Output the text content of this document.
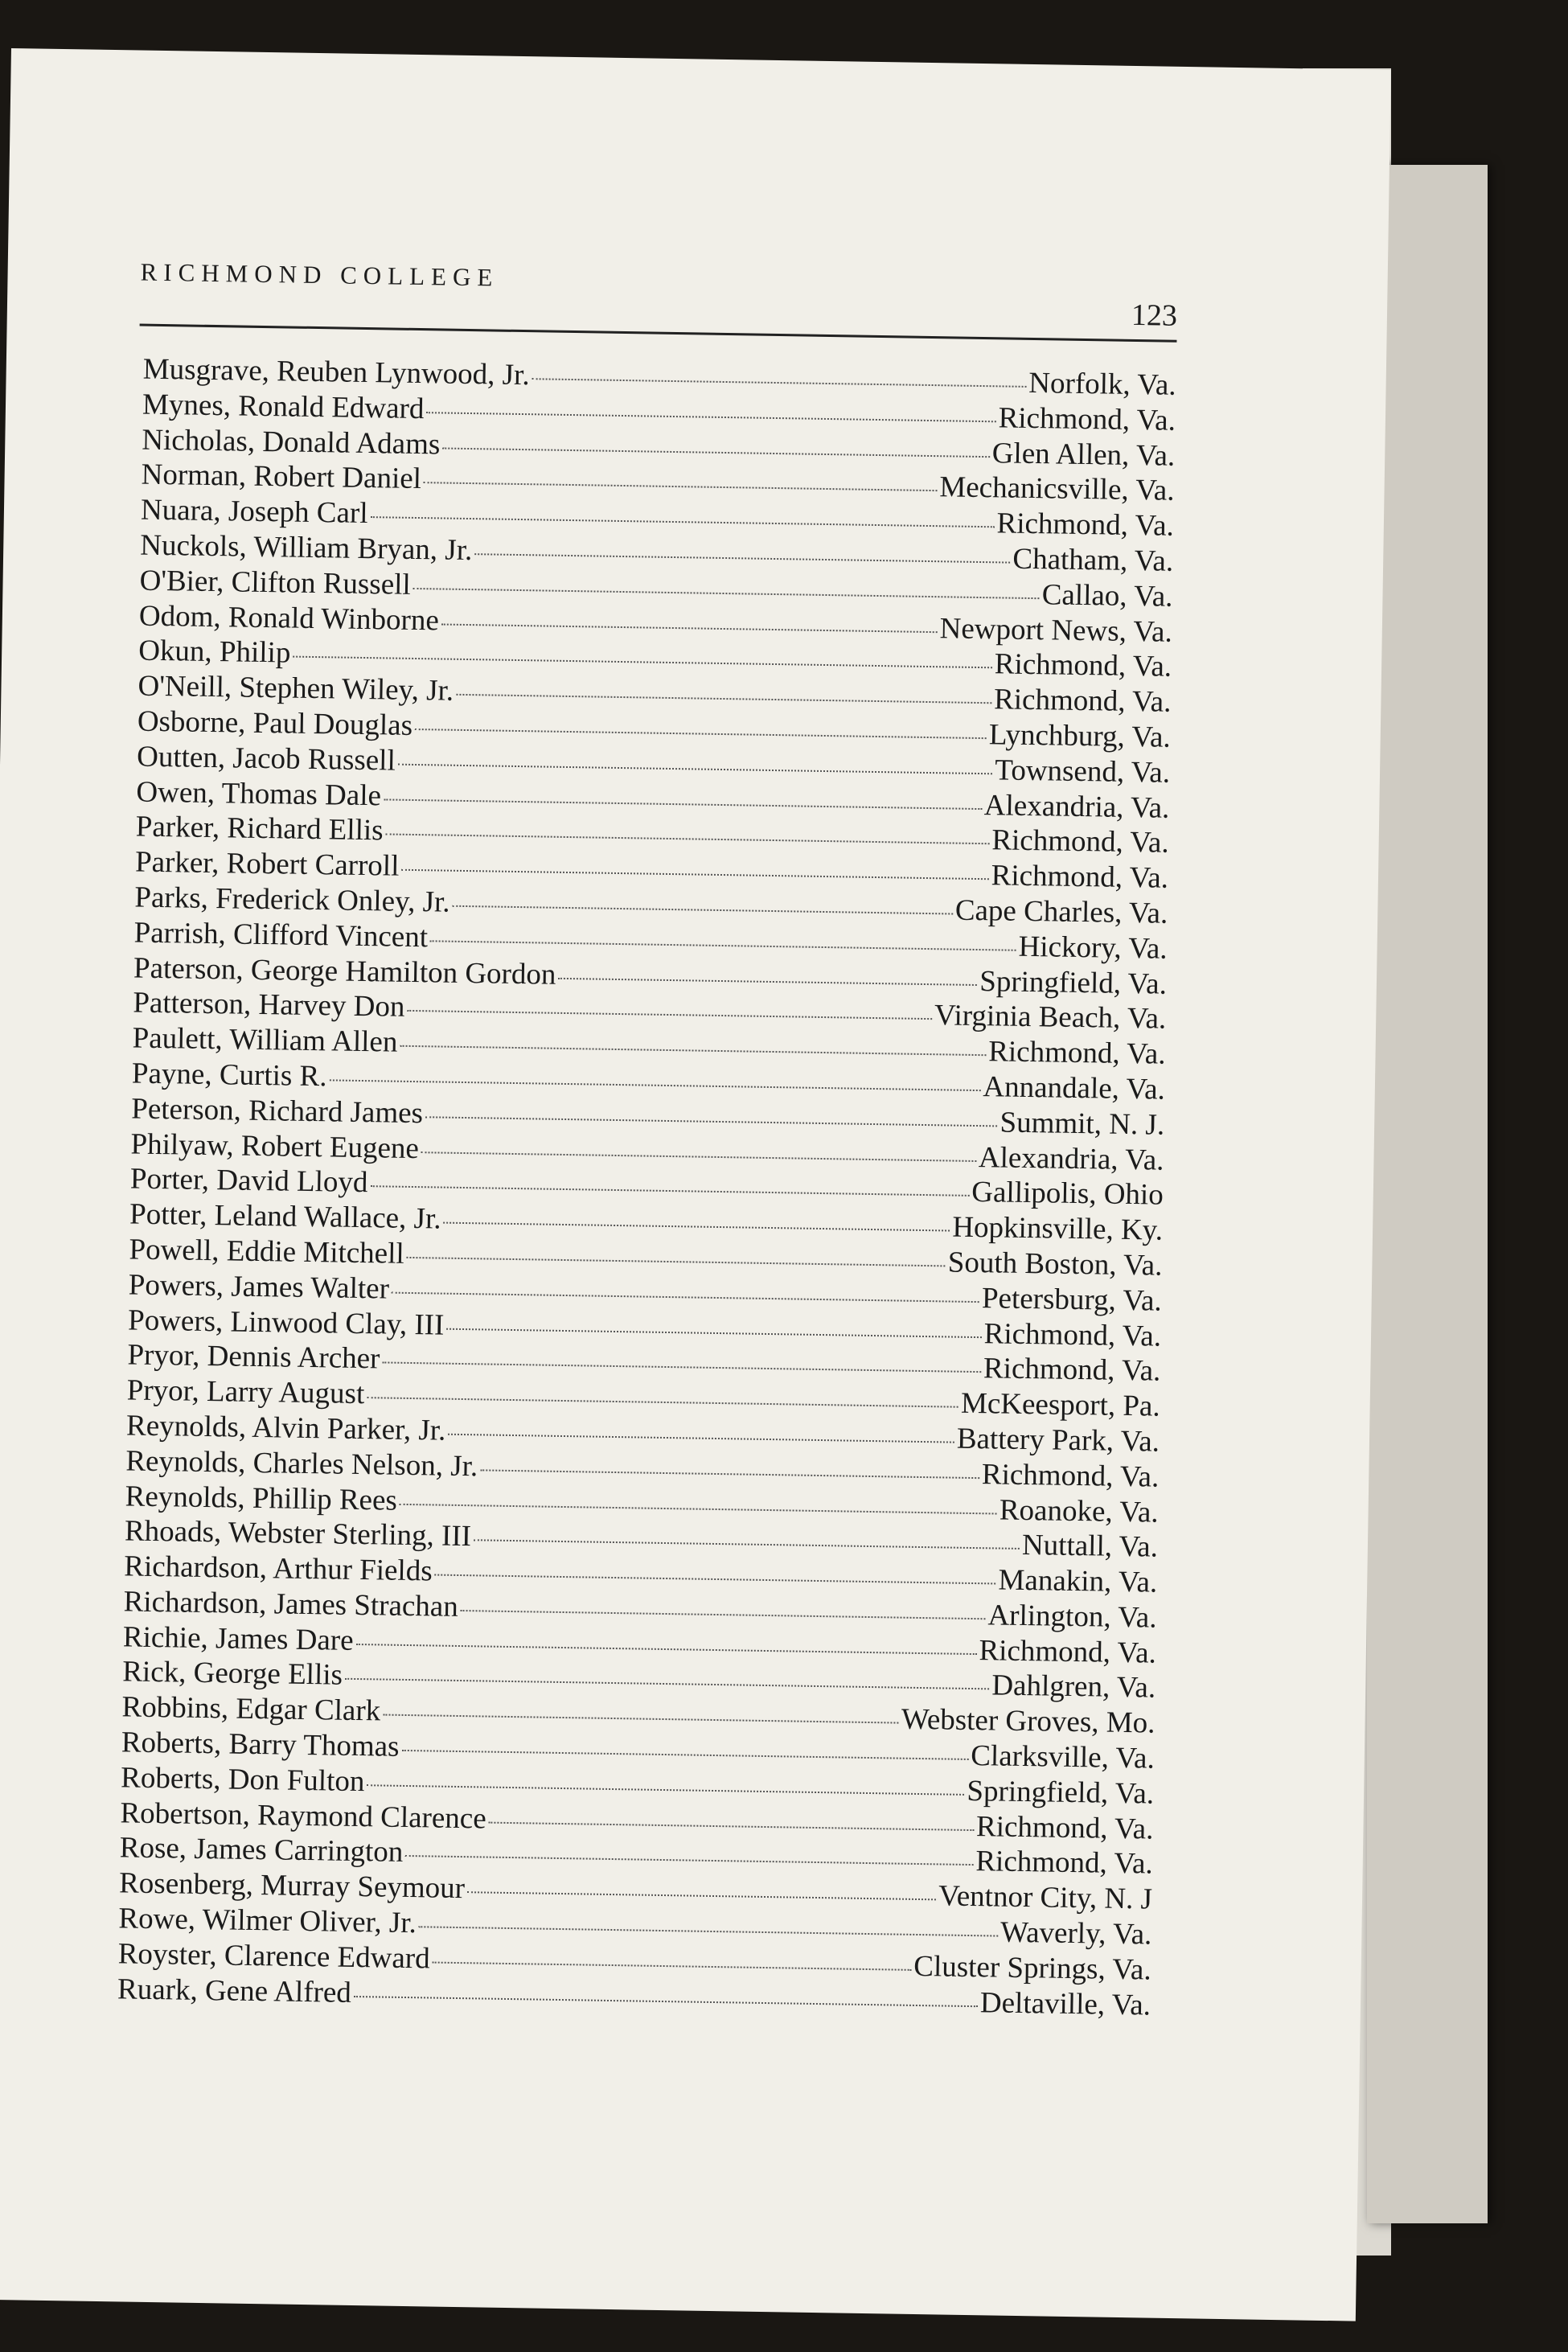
RICHMOND COLLEGE
123
Musgrave, Reuben Lynwood, Jr.	Norfolk, Va.
Mynes, Ronald Edward	Richmond, Va.
Nicholas, Donald Adams	Glen Allen, Va.
Norman, Robert Daniel	Mechanicsville, Va.
Nuara, Joseph Carl	Richmond, Va.
Nuckols, William Bryan, Jr.	Chatham, Va.
O'Bier, Clifton Russell	Callao, Va.
Odom, Ronald Winborne	Newport News, Va.
Okun, Philip	Richmond, Va.
O'Neill, Stephen Wiley, Jr.	Richmond, Va.
Osborne, Paul Douglas	Lynchburg, Va.
Outten, Jacob Russell	Townsend, Va.
Owen, Thomas Dale	Alexandria, Va.
Parker, Richard Ellis	Richmond, Va.
Parker, Robert Carroll	Richmond, Va.
Parks, Frederick Onley, Jr.	Cape Charles, Va.
Parrish, Clifford Vincent	Hickory, Va.
Paterson, George Hamilton Gordon	Springfield, Va.
Patterson, Harvey Don	Virginia Beach, Va.
Paulett, William Allen	Richmond, Va.
Payne, Curtis R.	Annandale, Va.
Peterson, Richard James	Summit, N. J.
Philyaw, Robert Eugene	Alexandria, Va.
Porter, David Lloyd	Gallipolis, Ohio
Potter, Leland Wallace, Jr.	Hopkinsville, Ky.
Powell, Eddie Mitchell	South Boston, Va.
Powers, James Walter	Petersburg, Va.
Powers, Linwood Clay, III	Richmond, Va.
Pryor, Dennis Archer	Richmond, Va.
Pryor, Larry August	McKeesport, Pa.
Reynolds, Alvin Parker, Jr.	Battery Park, Va.
Reynolds, Charles Nelson, Jr.	Richmond, Va.
Reynolds, Phillip Rees	Roanoke, Va.
Rhoads, Webster Sterling, III	Nuttall, Va.
Richardson, Arthur Fields	Manakin, Va.
Richardson, James Strachan	Arlington, Va.
Richie, James Dare	Richmond, Va.
Rick, George Ellis	Dahlgren, Va.
Robbins, Edgar Clark	Webster Groves, Mo.
Roberts, Barry Thomas	Clarksville, Va.
Roberts, Don Fulton	Springfield, Va.
Robertson, Raymond Clarence	Richmond, Va.
Rose, James Carrington	Richmond, Va.
Rosenberg, Murray Seymour	Ventnor City, N. J
Rowe, Wilmer Oliver, Jr.	Waverly, Va.
Royster, Clarence Edward	Cluster Springs, Va.
Ruark, Gene Alfred	Deltaville, Va.
